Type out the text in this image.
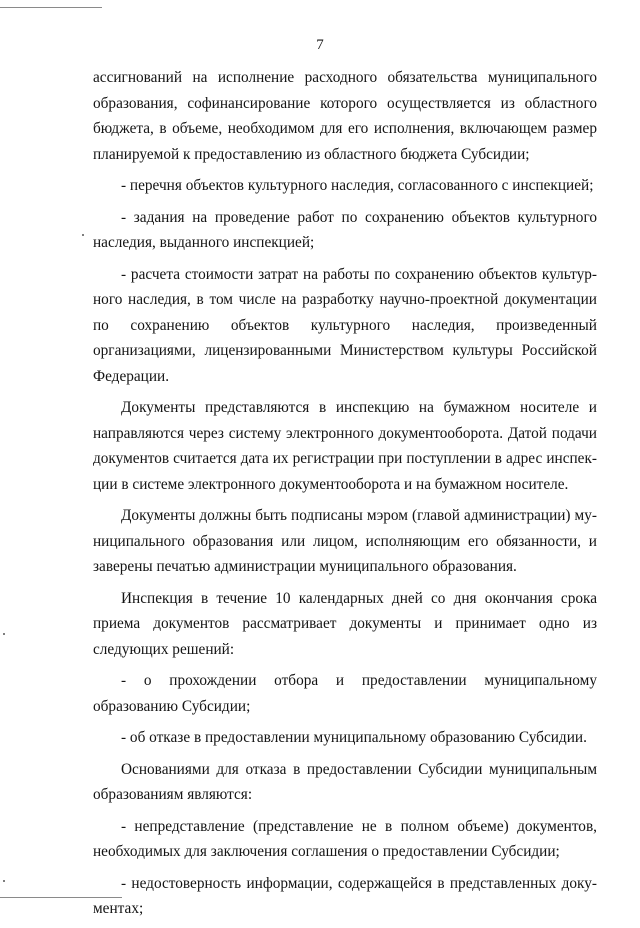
7

ассигнований на исполнение расходного обязательства муниципального образования, софинансирование которого осуществляется из областного бюджета, в объеме, необходимом для его исполнения, включающем размер планируемой к предоставлению из областного бюджета Субсидии;

- перечня объектов культурного наследия, согласованного с инспекцией;

- задания на проведение работ по сохранению объектов культурного наследия, выданного инспекцией;

- расчета стоимости затрат на работы по сохранению объектов культурного наследия, в том числе на разработку научно-проектной документации по сохранению объектов культурного наследия, произведенный организациями, лицензированными Министерством культуры Российской Федерации.

Документы представляются в инспекцию на бумажном носителе и направляются через систему электронного документооборота. Датой подачи документов считается дата их регистрации при поступлении в адрес инспекции в системе электронного документооборота и на бумажном носителе.

Документы должны быть подписаны мэром (главой администрации) муниципального образования или лицом, исполняющим его обязанности, и заверены печатью администрации муниципального образования.

Инспекция в течение 10 календарных дней со дня окончания срока приема документов рассматривает документы и принимает одно из следующих решений:

- о прохождении отбора и предоставлении муниципальному образованию Субсидии;

- об отказе в предоставлении муниципальному образованию Субсидии.

Основаниями для отказа в предоставлении Субсидии муниципальным образованиям являются:

- непредставление (представление не в полном объеме) документов, необходимых для заключения соглашения о предоставлении Субсидии;

- недостоверность информации, содержащейся в представленных документах;
